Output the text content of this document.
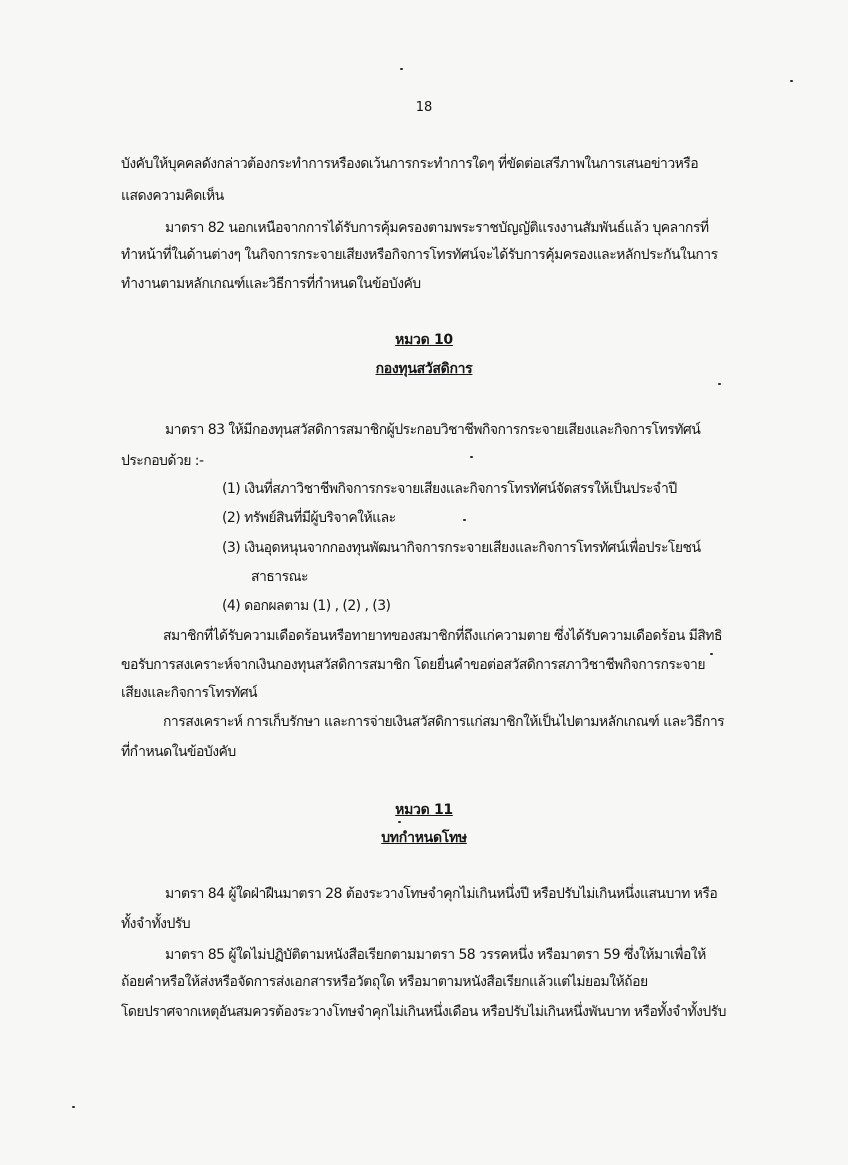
18
บังคับให้บุคคลดังกล่าวต้องกระทำการหรืองดเว้นการกระทำการใดๆ ที่ขัดต่อเสรีภาพในการเสนอข่าวหรือ
แสดงความคิดเห็น
มาตรา 82 นอกเหนือจากการได้รับการคุ้มครองตามพระราชบัญญัติแรงงานสัมพันธ์แล้ว บุคลากรที่
ทำหน้าที่ในด้านต่างๆ ในกิจการกระจายเสียงหรือกิจการโทรทัศน์จะได้รับการคุ้มครองและหลักประกันในการ
ทำงานตามหลักเกณฑ์และวิธีการที่กำหนดในข้อบังคับ
หมวด 10
กองทุนสวัสดิการ
มาตรา 83 ให้มีกองทุนสวัสดิการสมาชิกผู้ประกอบวิชาชีพกิจการกระจายเสียงและกิจการโทรทัศน์
ประกอบด้วย :-
(1) เงินที่สภาวิชาชีพกิจการกระจายเสียงและกิจการโทรทัศน์จัดสรรให้เป็นประจำปี
(2) ทรัพย์สินที่มีผู้บริจาคให้และ
(3) เงินอุดหนุนจากกองทุนพัฒนากิจการกระจายเสียงและกิจการโทรทัศน์เพื่อประโยชน์
สาธารณะ
(4) ดอกผลตาม (1) , (2) , (3)
สมาชิกที่ได้รับความเดือดร้อนหรือทายาทของสมาชิกที่ถึงแก่ความตาย ซึ่งได้รับความเดือดร้อน มีสิทธิ
ขอรับการสงเคราะห์จากเงินกองทุนสวัสดิการสมาชิก โดยยื่นคำขอต่อสวัสดิการสภาวิชาชีพกิจการกระจาย
เสียงและกิจการโทรทัศน์
การสงเคราะห์ การเก็บรักษา และการจ่ายเงินสวัสดิการแก่สมาชิกให้เป็นไปตามหลักเกณฑ์ และวิธีการ
ที่กำหนดในข้อบังคับ
หมวด 11
บทกำหนดโทษ
มาตรา 84 ผู้ใดฝ่าฝืนมาตรา 28 ต้องระวางโทษจำคุกไม่เกินหนึ่งปี หรือปรับไม่เกินหนึ่งแสนบาท หรือ
ทั้งจำทั้งปรับ
มาตรา 85 ผู้ใดไม่ปฏิบัติตามหนังสือเรียกตามมาตรา 58 วรรคหนึ่ง หรือมาตรา 59 ซึ่งให้มาเพื่อให้
ถ้อยคำหรือให้ส่งหรือจัดการส่งเอกสารหรือวัตถุใด หรือมาตามหนังสือเรียกแล้วแต่ไม่ยอมให้ถ้อย
โดยปราศจากเหตุอันสมควรต้องระวางโทษจำคุกไม่เกินหนึ่งเดือน หรือปรับไม่เกินหนึ่งพันบาท หรือทั้งจำทั้งปรับ
